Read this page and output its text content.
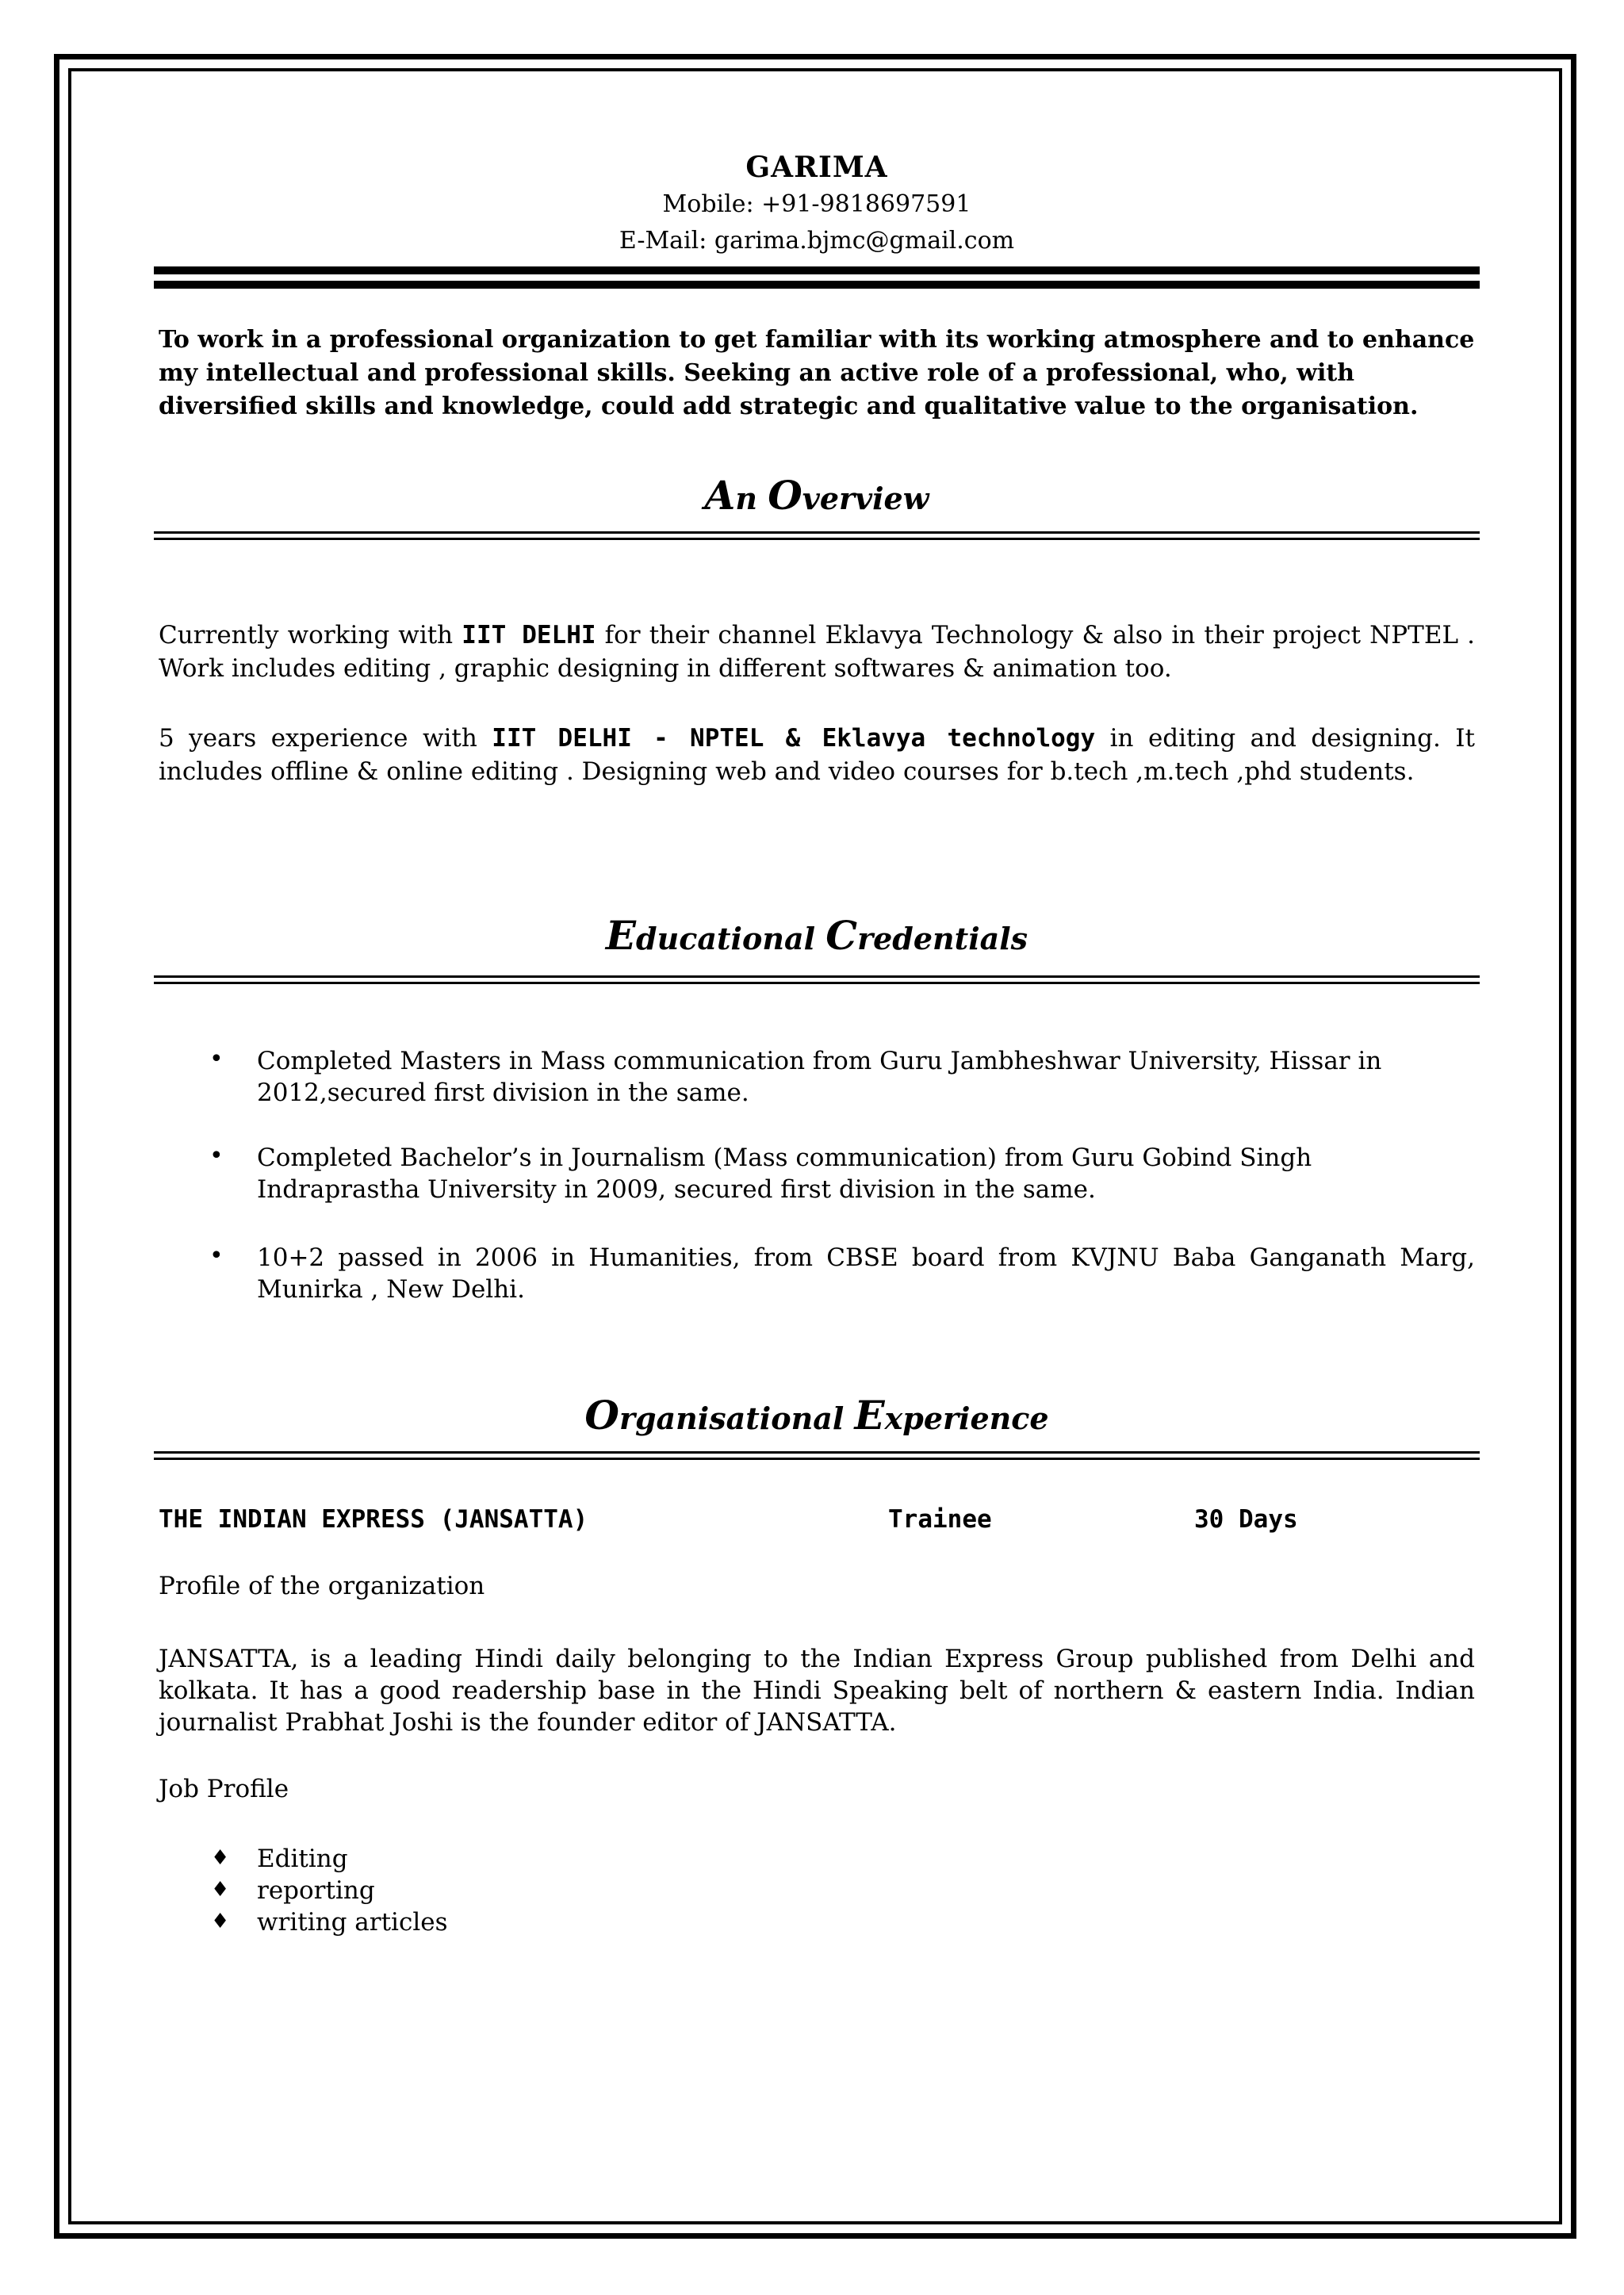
GARIMA
Mobile: +91-9818697591
E-Mail: garima.bjmc@gmail.com
To work in a professional organization to get familiar with its working atmosphere and to enhance my intellectual and professional skills. Seeking an active role of a professional, who, with diversified skills and knowledge, could add strategic and qualitative value to the organisation.
An Overview
Currently working with IIT DELHI for their channel Eklavya Technology & also in their project NPTEL . Work includes editing , graphic designing in different softwares & animation too.
5 years experience with IIT DELHI - NPTEL & Eklavya technology in editing and designing. It includes offline & online editing . Designing web and video courses for b.tech ,m.tech ,phd students.
Educational Credentials
• Completed Masters in Mass communication from Guru Jambheshwar University, Hissar in 2012,secured first division in the same.
• Completed Bachelor’s in Journalism (Mass communication) from Guru Gobind Singh Indraprastha University in 2009, secured first division in the same.
• 10+2 passed in 2006 in Humanities, from CBSE board from KVJNU Baba Ganganath Marg, Munirka , New Delhi.
Organisational Experience
THE INDIAN EXPRESS (JANSATTA)	Trainee	30 Days
Profile of the organization
JANSATTA, is a leading Hindi daily belonging to the Indian Express Group published from Delhi and kolkata. It has a good readership base in the Hindi Speaking belt of northern & eastern India. Indian journalist Prabhat Joshi is the founder editor of JANSATTA.
Job Profile
♦ Editing
♦ reporting
♦ writing articles
